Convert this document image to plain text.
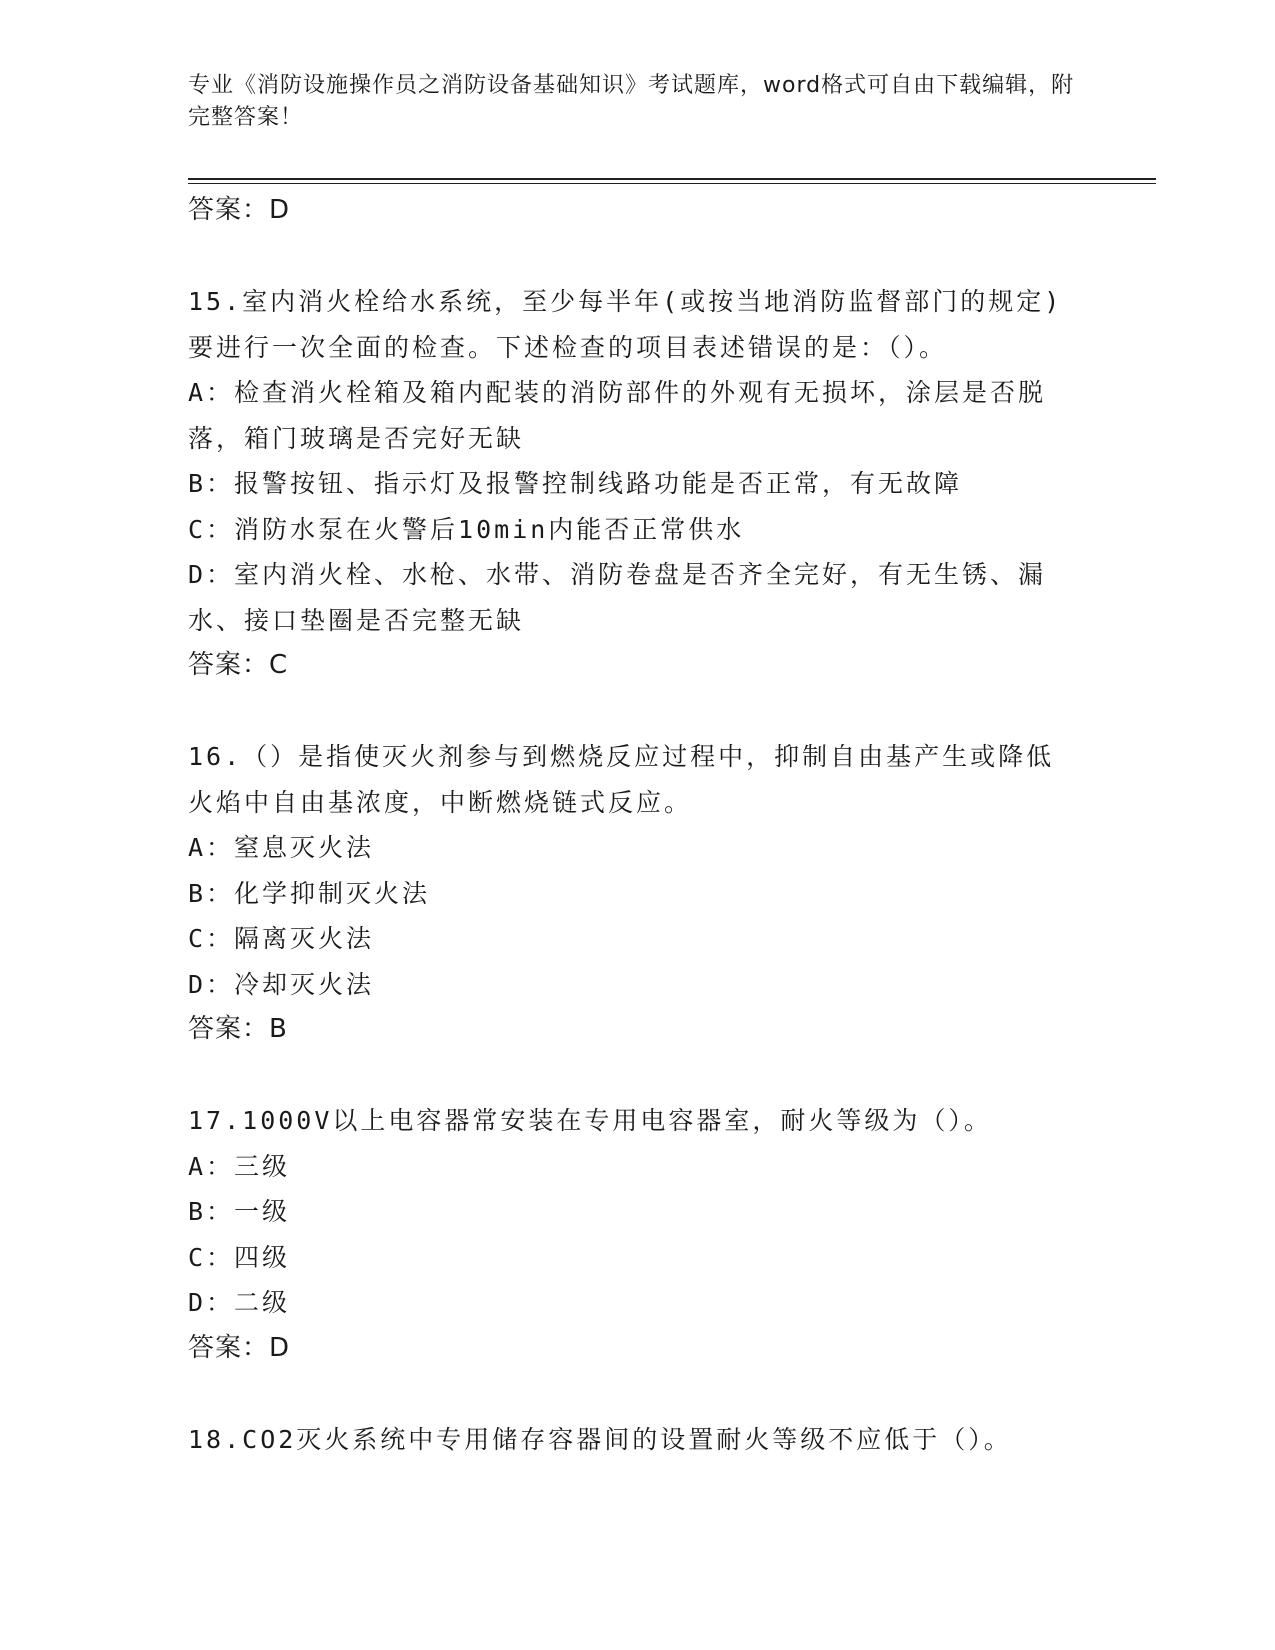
专业《消防设施操作员之消防设备基础知识》考试题库，word格式可自由下载编辑，附完整答案！

答案：D

15.室内消火栓给水系统，至少每半年(或按当地消防监督部门的规定)

要进行一次全面的检查。下述检查的项目表述错误的是：（）。

A：检查消火栓箱及箱内配装的消防部件的外观有无损坏，涂层是否脱

落，箱门玻璃是否完好无缺

B：报警按钮、指示灯及报警控制线路功能是否正常，有无故障

C：消防水泵在火警后10min内能否正常供水

D：室内消火栓、水枪、水带、消防卷盘是否齐全完好，有无生锈、漏

水、接口垫圈是否完整无缺

答案：C

16.（）是指使灭火剂参与到燃烧反应过程中，抑制自由基产生或降低

火焰中自由基浓度，中断燃烧链式反应。

A：窒息灭火法

B：化学抑制灭火法

C：隔离灭火法

D：冷却灭火法

答案：B

17.1000V以上电容器常安装在专用电容器室，耐火等级为（）。

A：三级

B：一级

C：四级

D：二级

答案：D

18.CO2灭火系统中专用储存容器间的设置耐火等级不应低于（）。
